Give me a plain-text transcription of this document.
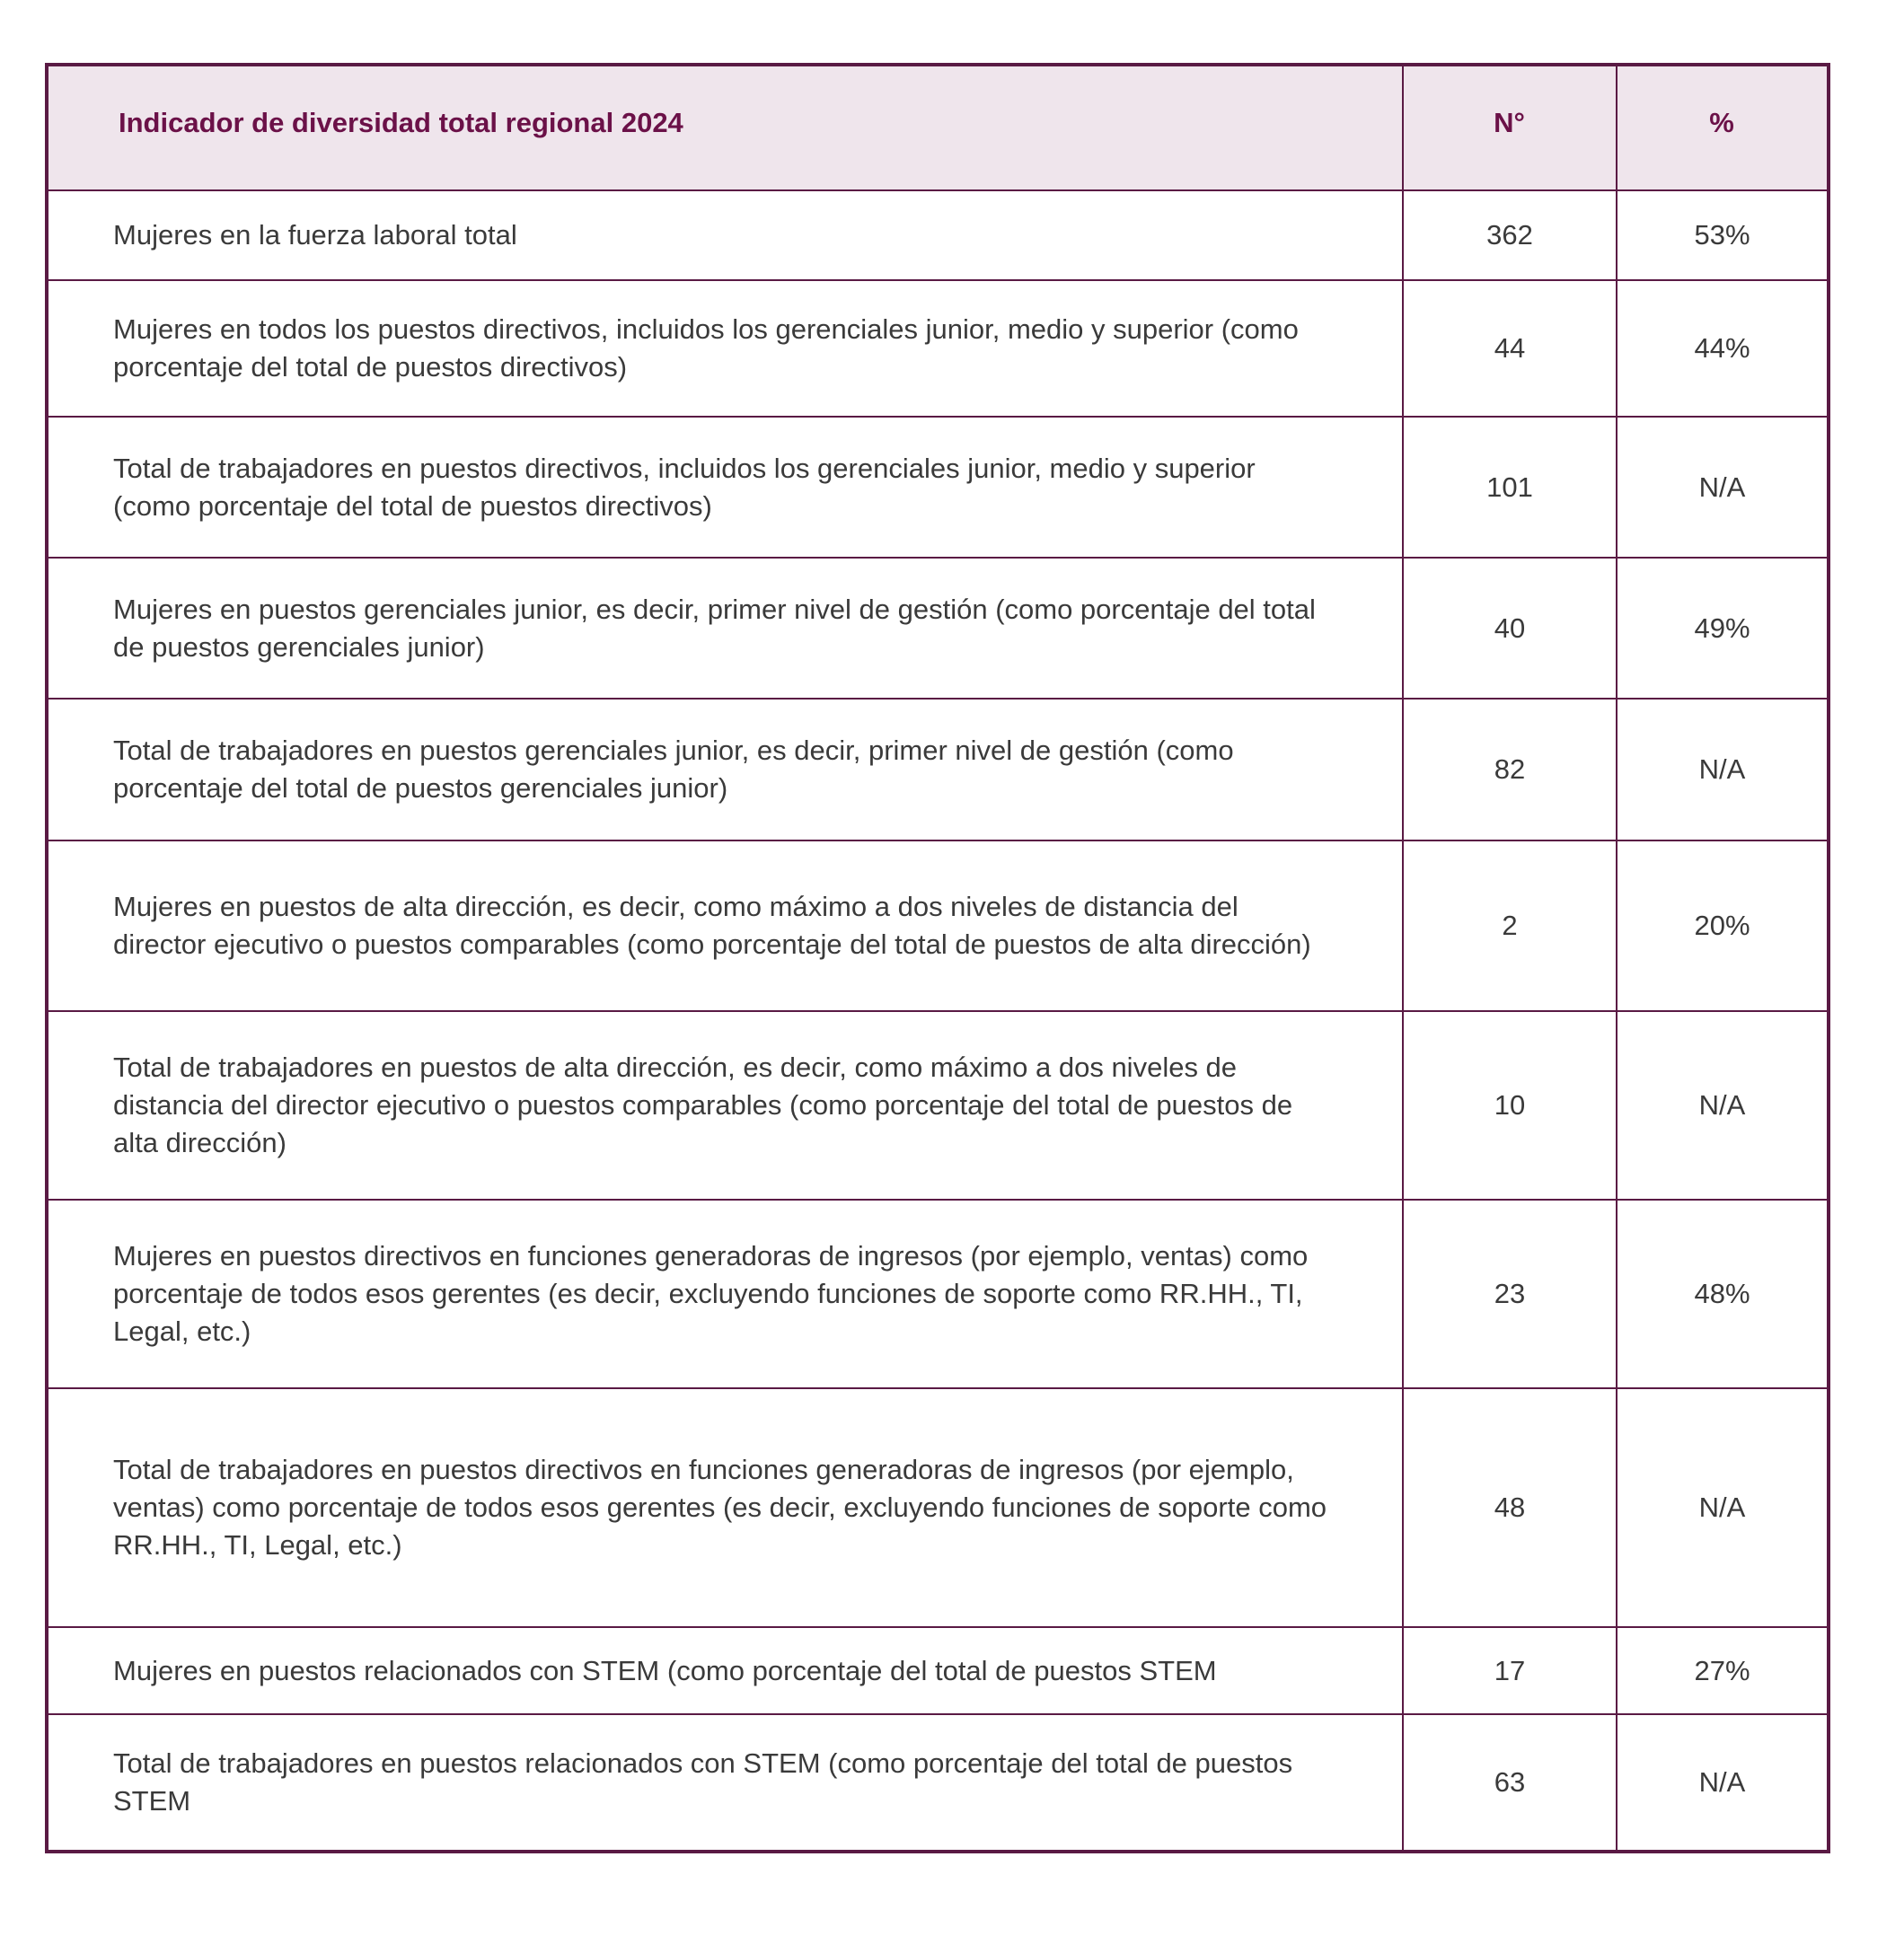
Indicador de diversidad total regional 2024	N°	%
Mujeres en la fuerza laboral total	362	53%
Mujeres en todos los puestos directivos, incluidos los gerenciales junior, medio y superior (como porcentaje del total de puestos directivos)	44	44%
Total de trabajadores en puestos directivos, incluidos los gerenciales junior, medio y superior (como porcentaje del total de puestos directivos)	101	N/A
Mujeres en puestos gerenciales junior, es decir, primer nivel de gestión (como porcentaje del total de puestos gerenciales junior)	40	49%
Total de trabajadores en puestos gerenciales junior, es decir, primer nivel de gestión (como porcentaje del total de puestos gerenciales junior)	82	N/A
Mujeres en puestos de alta dirección, es decir, como máximo a dos niveles de distancia del director ejecutivo o puestos comparables (como porcentaje del total de puestos de alta dirección)	2	20%
Total de trabajadores en puestos de alta dirección, es decir, como máximo a dos niveles de distancia del director ejecutivo o puestos comparables (como porcentaje del total de puestos de alta dirección)	10	N/A
Mujeres en puestos directivos en funciones generadoras de ingresos (por ejemplo, ventas) como porcentaje de todos esos gerentes (es decir, excluyendo funciones de soporte como RR.HH., TI, Legal, etc.)	23	48%
Total de trabajadores en puestos directivos en funciones generadoras de ingresos (por ejemplo, ventas) como porcentaje de todos esos gerentes (es decir, excluyendo funciones de soporte como RR.HH., TI, Legal, etc.)	48	N/A
Mujeres en puestos relacionados con STEM (como porcentaje del total de puestos STEM	17	27%
Total de trabajadores en puestos relacionados con STEM (como porcentaje del total de puestos STEM	63	N/A
